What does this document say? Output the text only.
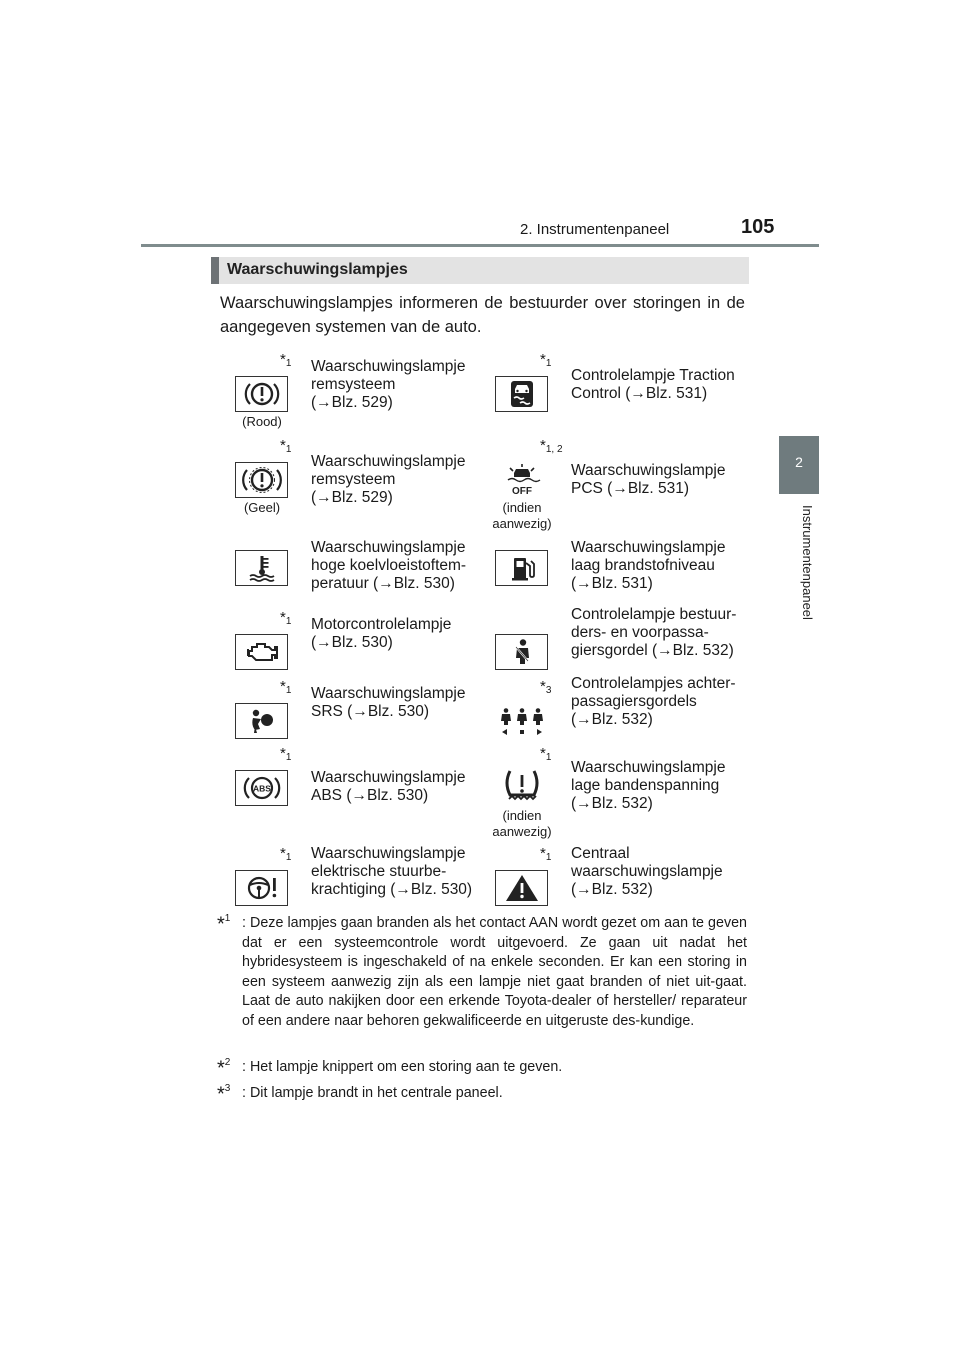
2. Instrumentenpaneel	105
2
Instrumentenpaneel
Waarschuwingslampjes
Waarschuwingslampjes informeren de bestuurder over storingen in de aangegeven systemen van de auto.
$*_1$
(Rood)
Waarschuwingslampje
remsysteem
(→Blz. 529)
$*_1$
(Geel)
Waarschuwingslampje
remsysteem
(→Blz. 529)
Waarschuwingslampje
hoge koelvloeistoftem-
peratuur (→Blz. 530)
$*_1$ Motorcontrolelampje
(→Blz. 530)
$*_1$ Waarschuwingslampje
SRS (→Blz. 530)
$*_1$
ABS
Waarschuwingslampje
ABS (→Blz. 530)
$*_1$ Waarschuwingslampje
elektrische stuurbe-
krachtiging (→Blz. 530)
$*_1$
Controlelampje Traction
Control (→Blz. 531)
$*_{1, 2}$
OFF
(indien aanwezig)
Waarschuwingslampje
PCS (→Blz. 531)
Waarschuwingslampje
laag brandstofniveau
(→Blz. 531)
Controlelampje bestuur-
ders- en voorpassa-
giersgordel (→Blz. 532)
$*_3$ Controlelampjes achter-
passagiersgordels
(→Blz. 532)
$*_1$
(indien aanwezig)
Waarschuwingslampje
lage bandenspanning
(→Blz. 532)
$*_1$ Centraal
waarschuwingslampje
(→Blz. 532)
*$^1$ : Deze lampjes gaan branden als het contact AAN wordt gezet om aan te geven dat er een systeemcontrole wordt uitgevoerd. Ze gaan uit nadat het hybridesysteem is ingeschakeld of na enkele seconden. Er kan een storing in een systeem aanwezig zijn als een lampje niet gaat branden of niet uit-gaat. Laat de auto nakijken door een erkende Toyota-dealer of hersteller/ reparateur of een andere naar behoren gekwalificeerde en uitgeruste des-kundige.
*$^2$ : Het lampje knippert om een storing aan te geven.
*$^3$ : Dit lampje brandt in het centrale paneel.
